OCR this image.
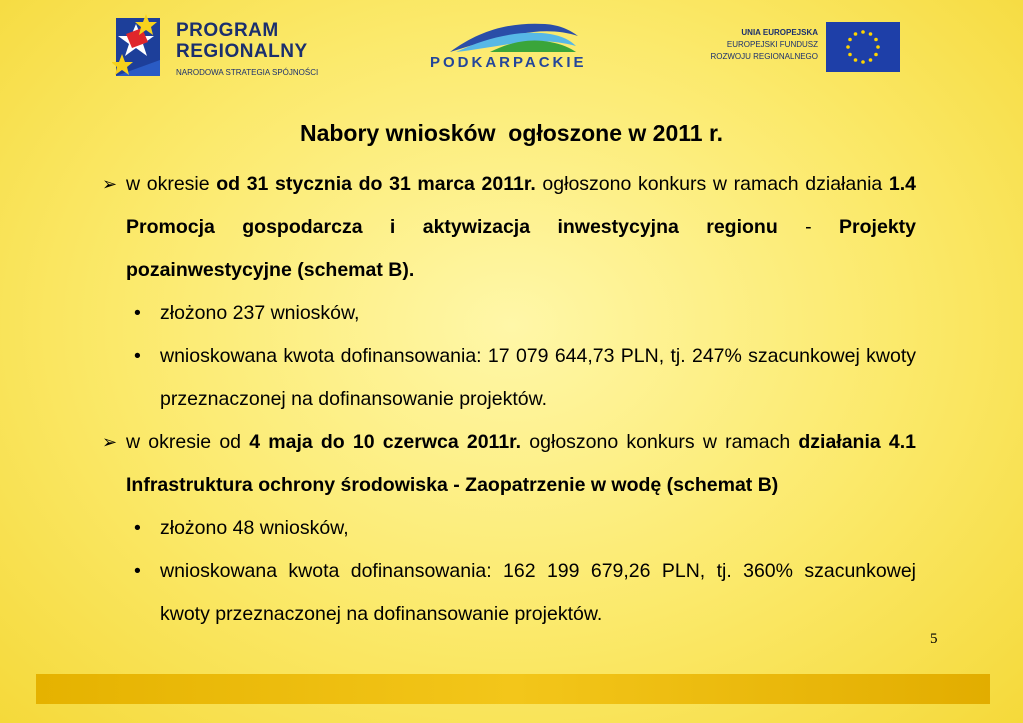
PROGRAM
REGIONALNY
NARODOWA STRATEGIA SPÓJNOŚCI
PODKARPACKIE
UNIA EUROPEJSKA
EUROPEJSKI FUNDUSZ
ROZWOJU REGIONALNEGO
Nabory wniosków  ogłoszone w 2011 r.
➢ w okresie od 31 stycznia do 31 marca 2011r. ogłoszono konkurs w ramach działania 1.4 Promocja gospodarcza i aktywizacja inwestycyjna regionu - Projekty pozainwestycyjne (schemat B).
• złożono 237 wniosków,
• wnioskowana kwota dofinansowania: 17 079 644,73 PLN, tj. 247% szacunkowej kwoty przeznaczonej na dofinansowanie projektów.
➢ w okresie od 4 maja do 10 czerwca 2011r. ogłoszono konkurs w ramach działania 4.1 Infrastruktura ochrony środowiska - Zaopatrzenie w wodę (schemat B)
• złożono 48 wniosków,
• wnioskowana kwota dofinansowania: 162 199 679,26 PLN, tj. 360% szacunkowej kwoty przeznaczonej na dofinansowanie projektów.
5
